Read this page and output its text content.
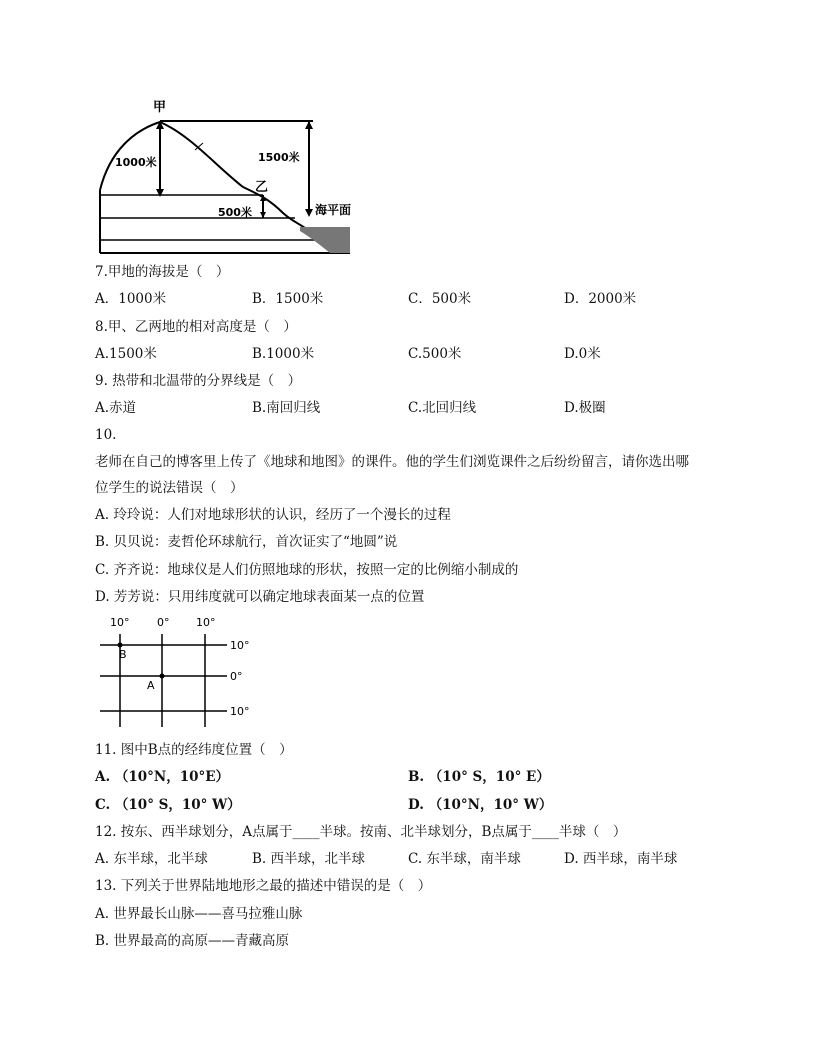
甲
1000米	1500米
乙
500米	海平面
7.甲地的海拔是（　）
A．1000米	B．1500米	C．500米	D．2000米
8.甲、乙两地的相对高度是（　）
A.1500米	B.1000米	C.500米	D.0米
9. 热带和北温带的分界线是（　）
A.赤道	B.南回归线	C.北回归线	D.极圈
10.
老师在自己的博客里上传了《地球和地图》的课件。他的学生们浏览课件之后纷纷留言，请你选出哪
位学生的说法错误（　）
A. 玲玲说：人们对地球形状的认识，经历了一个漫长的过程
B. 贝贝说：麦哲伦环球航行，首次证实了“地圆”说
C. 齐齐说：地球仪是人们仿照地球的形状，按照一定的比例缩小制成的
D. 芳芳说：只用纬度就可以确定地球表面某一点的位置
10°	0° 10°
10°
0°
10°
B
A
11. 图中B点的经纬度位置（　）
A. （10°N，10°E）	B. （10° S，10° E）
C. （10° S，10° W）	D. （10°N，10° W）
12. 按东、西半球划分，A点属于____半球。按南、北半球划分，B点属于____半球（　）
A. 东半球，北半球	B. 西半球，北半球	C. 东半球，南半球	D. 西半球，南半球
13. 下列关于世界陆地地形之最的描述中错误的是（　）
A. 世界最长山脉——喜马拉雅山脉
B. 世界最高的高原——青藏高原
